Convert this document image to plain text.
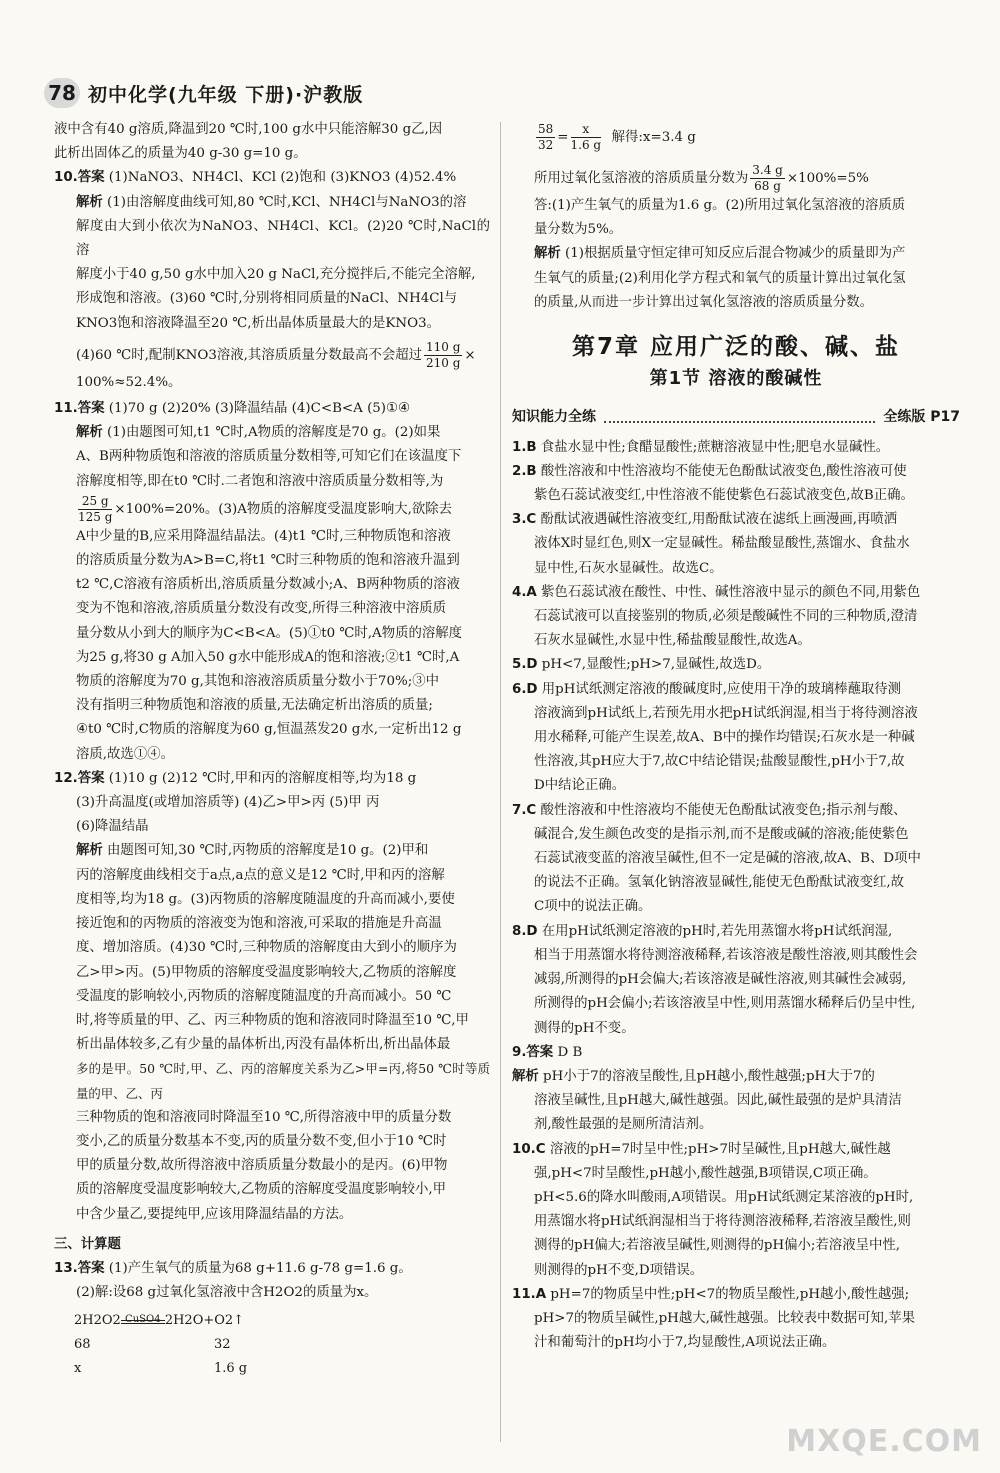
78 初中化学(九年级 下册)·沪教版

液中含有40 g溶质,降温到20 ℃时,100 g水中只能溶解30 g乙,因

此析出固体乙的质量为40 g-30 g=10 g。

10.答案 (1)NaNO3、NH4Cl、KCl (2)饱和 (3)KNO3 (4)52.4%

解析 (1)由溶解度曲线可知,80 ℃时,KCl、NH4Cl与NaNO3的溶

解度由大到小依次为NaNO3、NH4Cl、KCl。(2)20 ℃时,NaCl的溶

解度小于40 g,50 g水中加入20 g NaCl,充分搅拌后,不能完全溶解,

形成饱和溶液。(3)60 ℃时,分别将相同质量的NaCl、NH4Cl与

KNO3饱和溶液降温至20 ℃,析出晶体质量最大的是KNO3。

(4)60 ℃时,配制KNO3溶液,其溶质质量分数最高不会超过 $\frac{110 g}{210 g}$ ×

100%≈52.4%。

11.答案 (1)70 g (2)20% (3)降温结晶 (4)C<B<A (5)①④

解析 (1)由题图可知,t1 ℃时,A物质的溶解度是70 g。(2)如果

A、B两种物质饱和溶液的溶质质量分数相等,可知它们在该温度下

溶解度相等,即在t0 ℃时.二者饱和溶液中溶质质量分数相等,为

$\frac{25 g}{125 g} \times 100\%=20\%$。(3)A物质的溶解度受温度影响大,欲除去

A中少量的B,应采用降温结晶法。(4)t1 ℃时,三种物质饱和溶液

的溶质质量分数为A>B=C,将t1 ℃时三种物质的饱和溶液升温到

t2 ℃,C溶液有溶质析出,溶质质量分数减小;A、B两种物质的溶液

变为不饱和溶液,溶质质量分数没有改变,所得三种溶液中溶质质

量分数从小到大的顺序为C<B<A。(5)①t0 ℃时,A物质的溶解度

为25 g,将30 g A加入50 g水中能形成A的饱和溶液;②t1 ℃时,A

物质的溶解度为70 g,其饱和溶液溶质质量分数小于70%;③中

没有指明三种物质饱和溶液的质量,无法确定析出溶质的质量;

④t0 ℃时,C物质的溶解度为60 g,恒温蒸发20 g水,一定析出12 g

溶质,故选①④。

12.答案 (1)10 g (2)12 ℃时,甲和丙的溶解度相等,均为18 g

(3)升高温度(或增加溶质等) (4)乙>甲>丙 (5)甲 丙

(6)降温结晶

解析 由题图可知,30 ℃时,丙物质的溶解度是10 g。(2)甲和

丙的溶解度曲线相交于a点,a点的意义是12 ℃时,甲和丙的溶解

度相等,均为18 g。(3)丙物质的溶解度随温度的升高而减小,要使

接近饱和的丙物质的溶液变为饱和溶液,可采取的措施是升高温

度、增加溶质。(4)30 ℃时,三种物质的溶解度由大到小的顺序为

乙>甲>丙。(5)甲物质的溶解度受温度影响较大,乙物质的溶解度

受温度的影响较小,丙物质的溶解度随温度的升高而减小。50 ℃

时,将等质量的甲、乙、丙三种物质的饱和溶液同时降温至10 ℃,甲

析出晶体较多,乙有少量的晶体析出,丙没有晶体析出,析出晶体最

多的是甲。50 ℃时,甲、乙、丙的溶解度关系为乙>甲=丙,将50 ℃时等质量的甲、乙、丙

三种物质的饱和溶液同时降温至10 ℃,所得溶液中甲的质量分数

变小,乙的质量分数基本不变,丙的质量分数不变,但小于10 ℃时

甲的质量分数,故所得溶液中溶质质量分数最小的是丙。(6)甲物

质的溶解度受温度影响较大,乙物质的溶解度受温度影响较小,甲

中含少量乙,要提纯甲,应该用降温结晶的方法。

三、计算题

13.答案 (1)产生氧气的质量为68 g+11.6 g-78 g=1.6 g。

(2)解:设68 g过氧化氢溶液中含H2O2的质量为x。

2H2O2 CuSO4 2H2O+O2↑
68	32
x	1.6 g

$\frac{58}{32} = \frac{x}{1.6 g}$ 解得:x=3.4 g

所用过氧化氢溶液的溶质质量分数为 $\frac{3.4 g}{68 g} \times 100\%=5\%$

答:(1)产生氧气的质量为1.6 g。(2)所用过氧化氢溶液的溶质质

量分数为5%。

解析 (1)根据质量守恒定律可知反应后混合物减少的质量即为产

生氧气的质量;(2)利用化学方程式和氧气的质量计算出过氧化氢

的质量,从而进一步计算出过氧化氢溶液的溶质质量分数。

第7章 应用广泛的酸、碱、盐
第1节 溶液的酸碱性
知识能力全练	全练版 P17

1.B 食盐水显中性;食醋显酸性;蔗糖溶液显中性;肥皂水显碱性。

2.B 酸性溶液和中性溶液均不能使无色酚酞试液变色,酸性溶液可使

紫色石蕊试液变红,中性溶液不能使紫色石蕊试液变色,故B正确。

3.C 酚酞试液遇碱性溶液变红,用酚酞试液在滤纸上画漫画,再喷洒

液体X时显红色,则X一定显碱性。稀盐酸显酸性,蒸馏水、食盐水

显中性,石灰水显碱性。故选C。

4.A 紫色石蕊试液在酸性、中性、碱性溶液中显示的颜色不同,用紫色

石蕊试液可以直接鉴别的物质,必须是酸碱性不同的三种物质,澄清

石灰水显碱性,水显中性,稀盐酸显酸性,故选A。

5.D pH<7,显酸性;pH>7,显碱性,故选D。

6.D 用pH试纸测定溶液的酸碱度时,应使用干净的玻璃棒蘸取待测

溶液滴到pH试纸上,若预先用水把pH试纸润湿,相当于将待测溶液

用水稀释,可能产生误差,故A、B中的操作均错误;石灰水是一种碱

性溶液,其pH应大于7,故C中结论错误;盐酸显酸性,pH小于7,故

D中结论正确。

7.C 酸性溶液和中性溶液均不能使无色酚酞试液变色;指示剂与酸、

碱混合,发生颜色改变的是指示剂,而不是酸或碱的溶液;能使紫色

石蕊试液变蓝的溶液呈碱性,但不一定是碱的溶液,故A、B、D项中

的说法不正确。氢氧化钠溶液显碱性,能使无色酚酞试液变红,故

C项中的说法正确。

8.D 在用pH试纸测定溶液的pH时,若先用蒸馏水将pH试纸润湿,

相当于用蒸馏水将待测溶液稀释,若该溶液是酸性溶液,则其酸性会

减弱,所测得的pH会偏大;若该溶液是碱性溶液,则其碱性会减弱,

所测得的pH会偏小;若该溶液呈中性,则用蒸馏水稀释后仍呈中性,

测得的pH不变。

9.答案 D B

解析 pH小于7的溶液呈酸性,且pH越小,酸性越强;pH大于7的

溶液呈碱性,且pH越大,碱性越强。因此,碱性最强的是炉具清洁

剂,酸性最强的是厕所清洁剂。

10.C 溶液的pH=7时呈中性;pH>7时呈碱性,且pH越大,碱性越

强,pH<7时呈酸性,pH越小,酸性越强,B项错误,C项正确。

pH<5.6的降水叫酸雨,A项错误。用pH试纸测定某溶液的pH时,

用蒸馏水将pH试纸润湿相当于将待测溶液稀释,若溶液呈酸性,则

测得的pH偏大;若溶液呈碱性,则测得的pH偏小;若溶液呈中性,

则测得的pH不变,D项错误。

11.A pH=7的物质呈中性;pH<7的物质呈酸性,pH越小,酸性越强;

pH>7的物质呈碱性,pH越大,碱性越强。比较表中数据可知,苹果

汁和葡萄汁的pH均小于7,均显酸性,A项说法正确。

MXQE.COM
